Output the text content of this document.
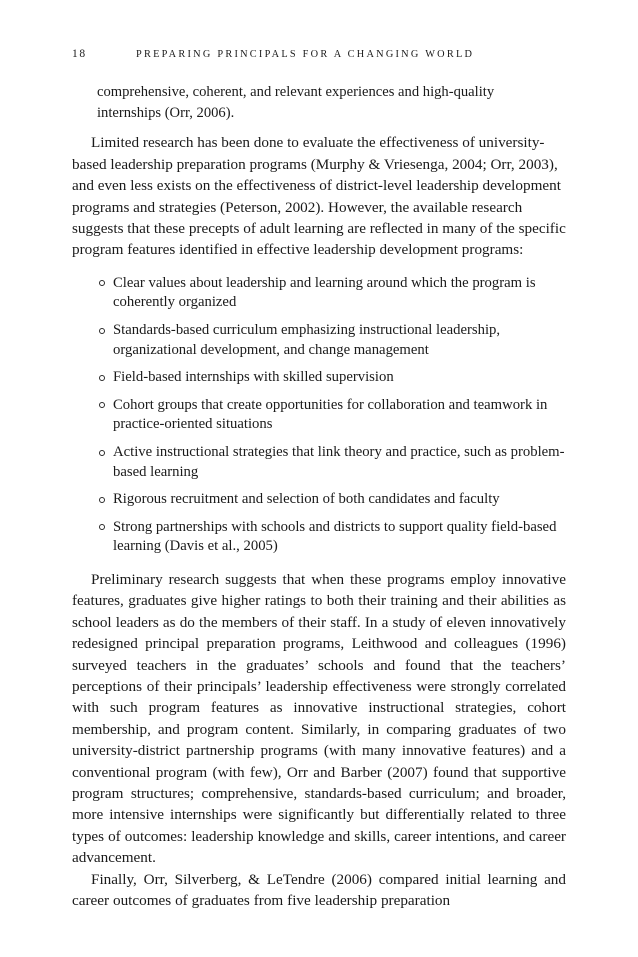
18	PREPARING PRINCIPALS FOR A CHANGING WORLD

comprehensive, coherent, and relevant experiences and high-quality internships (Orr, 2006).

Limited research has been done to evaluate the effectiveness of university-based leadership preparation programs (Murphy & Vriesenga, 2004; Orr, 2003), and even less exists on the effectiveness of district-level leadership development programs and strategies (Peterson, 2002). However, the available research suggests that these precepts of adult learning are reflected in many of the specific program features identified in effective leadership development programs:

Clear values about leadership and learning around which the program is coherently organized
Standards-based curriculum emphasizing instructional leadership, organizational development, and change management
Field-based internships with skilled supervision
Cohort groups that create opportunities for collaboration and teamwork in practice-oriented situations
Active instructional strategies that link theory and practice, such as problem-based learning
Rigorous recruitment and selection of both candidates and faculty
Strong partnerships with schools and districts to support quality field-based learning (Davis et al., 2005)

Preliminary research suggests that when these programs employ innovative features, graduates give higher ratings to both their training and their abilities as school leaders as do the members of their staff. In a study of eleven innovatively redesigned principal preparation programs, Leithwood and colleagues (1996) surveyed teachers in the graduates’ schools and found that the teachers’ perceptions of their principals’ leadership effectiveness were strongly correlated with such program features as innovative instructional strategies, cohort membership, and program content. Similarly, in comparing graduates of two university-district partnership programs (with many innovative features) and a conventional program (with few), Orr and Barber (2007) found that supportive program structures; comprehensive, standards-based curriculum; and broader, more intensive internships were significantly but differentially related to three types of outcomes: leadership knowledge and skills, career intentions, and career advancement.

Finally, Orr, Silverberg, & LeTendre (2006) compared initial learning and career outcomes of graduates from five leadership preparation
